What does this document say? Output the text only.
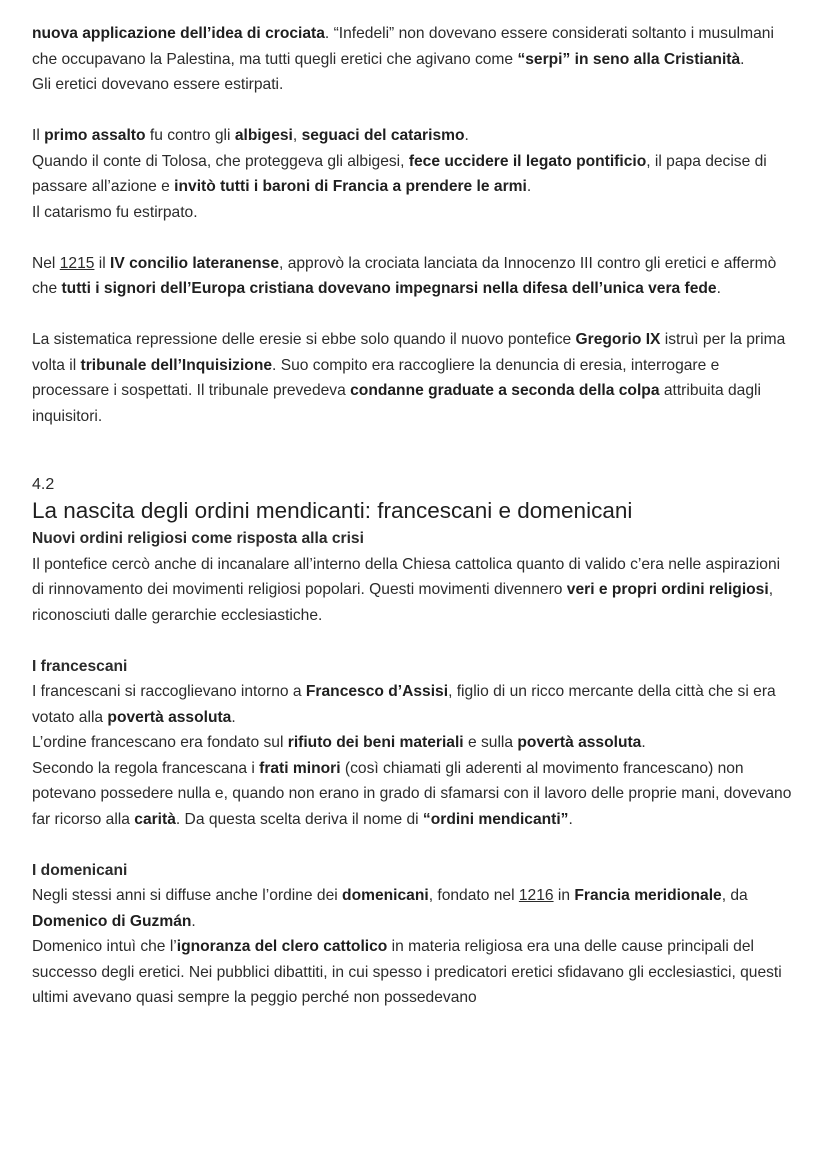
nuova applicazione dell’idea di crociata. “Infedeli” non dovevano essere considerati soltanto i musulmani che occupavano la Palestina, ma tutti quegli eretici che agivano come “serpi” in seno alla Cristianità.

Gli eretici dovevano essere estirpati.

Il primo assalto fu contro gli albigesi, seguaci del catarismo.

Quando il conte di Tolosa, che proteggeva gli albigesi, fece uccidere il legato pontificio, il papa decise di passare all’azione e invitò tutti i baroni di Francia a prendere le armi.

Il catarismo fu estirpato.

Nel 1215 il IV concilio lateranense, approvò la crociata lanciata da Innocenzo III contro gli eretici e affermò che tutti i signori dell’Europa cristiana dovevano impegnarsi nella difesa dell’unica vera fede.

La sistematica repressione delle eresie si ebbe solo quando il nuovo pontefice Gregorio IX istruì per la prima volta il tribunale dell’Inquisizione. Suo compito era raccogliere la denuncia di eresia, interrogare e processare i sospettati. Il tribunale prevedeva condanne graduate a seconda della colpa attribuita dagli inquisitori.

4.2

La nascita degli ordini mendicanti: francescani e domenicani

Nuovi ordini religiosi come risposta alla crisi

Il pontefice cercò anche di incanalare all’interno della Chiesa cattolica quanto di valido c’era nelle aspirazioni di rinnovamento dei movimenti religiosi popolari. Questi movimenti divennero veri e propri ordini religiosi, riconosciuti dalle gerarchie ecclesiastiche.

I francescani

I francescani si raccoglievano intorno a Francesco d’Assisi, figlio di un ricco mercante della città che si era votato alla povertà assoluta.

L’ordine francescano era fondato sul rifiuto dei beni materiali e sulla povertà assoluta.

Secondo la regola francescana i frati minori (così chiamati gli aderenti al movimento francescano) non potevano possedere nulla e, quando non erano in grado di sfamarsi con il lavoro delle proprie mani, dovevano far ricorso alla carità. Da questa scelta deriva il nome di “ordini mendicanti”.

I domenicani

Negli stessi anni si diffuse anche l’ordine dei domenicani, fondato nel 1216 in Francia meridionale, da Domenico di Guzmán.

Domenico intuì che l’ignoranza del clero cattolico in materia religiosa era una delle cause principali del successo degli eretici. Nei pubblici dibattiti, in cui spesso i predicatori eretici sfidavano gli ecclesiastici, questi ultimi avevano quasi sempre la peggio perché non possedevano
